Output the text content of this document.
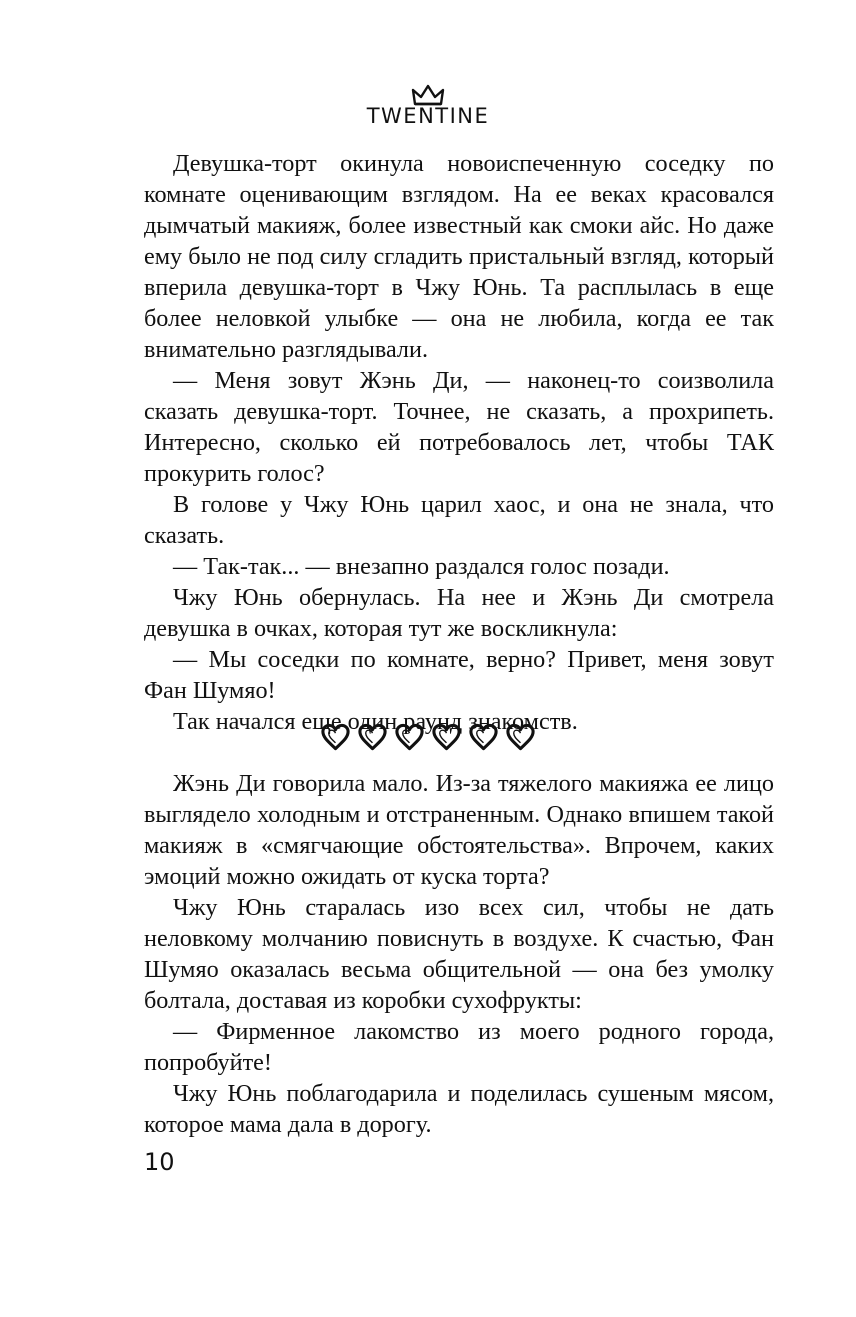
TWENTINE

Девушка-торт окинула новоиспеченную соседку по комнате оценивающим взглядом. На ее веках красовался дымчатый макияж, более известный как смоки айс. Но даже ему было не под силу сгладить пристальный взгляд, который вперила девушка-торт в Чжу Юнь. Та расплылась в еще более неловкой улыбке — она не любила, когда ее так внимательно разглядывали.

— Меня зовут Жэнь Ди, — наконец-то соизволила сказать девушка-торт. Точнее, не сказать, а прохрипеть. Интересно, сколько ей потребовалось лет, чтобы ТАК прокурить голос?

В голове у Чжу Юнь царил хаос, и она не знала, что сказать.

— Так-так... — внезапно раздался голос позади.

Чжу Юнь обернулась. На нее и Жэнь Ди смотрела девушка в очках, которая тут же воскликнула:

— Мы соседки по комнате, верно? Привет, меня зовут Фан Шумяо!

Так начался еще один раунд знакомств.

Жэнь Ди говорила мало. Из-за тяжелого макияжа ее лицо выглядело холодным и отстраненным. Однако впишем такой макияж в «смягчающие обстоятельства». Впрочем, каких эмоций можно ожидать от куска торта?

Чжу Юнь старалась изо всех сил, чтобы не дать неловкому молчанию повиснуть в воздухе. К счастью, Фан Шумяо оказалась весьма общительной — она без умолку болтала, доставая из коробки сухофрукты:

— Фирменное лакомство из моего родного города, попробуйте!

Чжу Юнь поблагодарила и поделилась сушеным мясом, которое мама дала в дорогу.

10
